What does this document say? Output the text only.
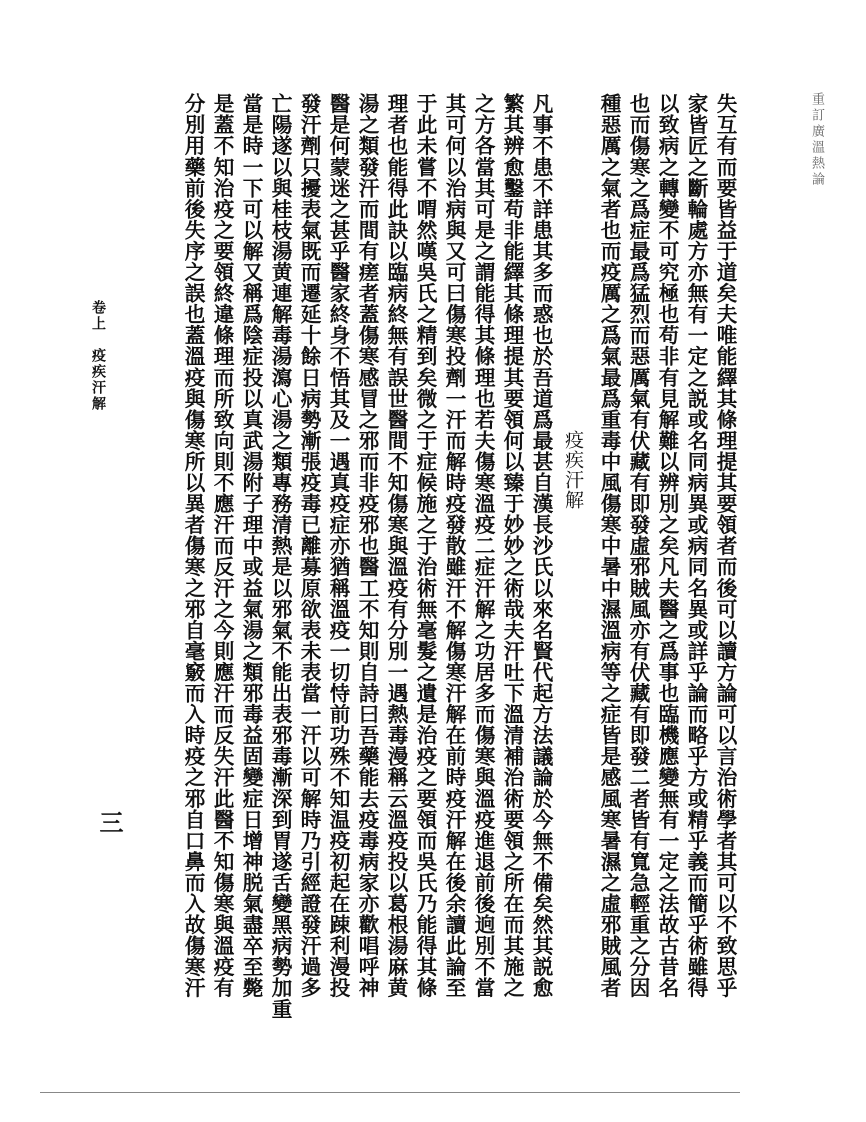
重訂廣溫熱論
失互有而要皆益于道矣夫唯能繹其條理提其要領者而後可以讀方論可以言治術學者其可以不致思乎
家皆匠之斷輪處方亦無有一定之説或名同病異或病同名異或詳乎論而略乎方或精乎義而簡乎術雖得
以致病之轉變不可究極也苟非有見解難以辨別之矣凡夫醫之爲事也臨機應變無有一定之法故古昔名
也而傷寒之爲症最爲猛烈而惡厲氣有伏藏有即發虛邪賊風亦有伏藏有即發二者皆有寬急輕重之分因
種惡厲之氣者也而疫厲之爲氣最爲重毒中風傷寒中暑中濕溫病等之症皆是感風寒暑濕之虛邪賊風者
疫疾汗解
凡事不患不詳患其多而惑也於吾道爲最甚自漢長沙氏以來名賢代起方法議論於今無不備矣然其説愈
繁其辨愈鑿苟非能繹其條理提其要領何以臻于妙妙之術哉夫汗吐下溫清補治術要領之所在而其施之
之方各當其可是之謂能得其條理也若夫傷寒溫疫二症汗解之功居多而傷寒與溫疫進退前後逈別不當
其可何以治病與又可曰傷寒投劑一汗而解時疫發散雖汗不解傷寒汗解在前時疫汗解在後余讀此論至
于此未嘗不喟然嘆吳氏之精到矣微之于症候施之于治術無毫髮之遺是治疫之要領而吳氏乃能得其條
理者也能得此訣以臨病終無有誤世醫間不知傷寒與溫疫有分別一遇熱毒漫稱云溫疫投以葛根湯麻黄
湯之類發汗而間有瘥者蓋傷寒感冒之邪而非疫邪也醫工不知則自詩曰吾藥能去疫毒病家亦歡唱呼神
醫是何蒙迷之甚乎醫家終身不悟其及一遇真疫症亦猶稱溫疫一切恃前功殊不知温疫初起在踈利漫投
發汗劑只擾表氣既而遷延十餘日病勢漸張疫毒已離募原欲表未表當一汗以可解時乃引經證發汗過多
亡陽遂以與桂枝湯黄連解毒湯瀉心湯之類專務清熱是以邪氣不能出表邪毒漸深到胃遂舌變黑病勢加重
當是時一下可以解又稱爲陰症投以真武湯附子理中或益氣湯之類邪毒益固變症日增神脱氣盡卒至斃
是蓋不知治疫之要領終違條理而所致向則不應汗而反汗之今則應汗而反失汗此醫不知傷寒與溫疫有
分別用藥前後失序之誤也蓋溫疫與傷寒所以異者傷寒之邪自毫竅而入時疫之邪自口鼻而入故傷寒汗
卷上　疫疾汗解
三
